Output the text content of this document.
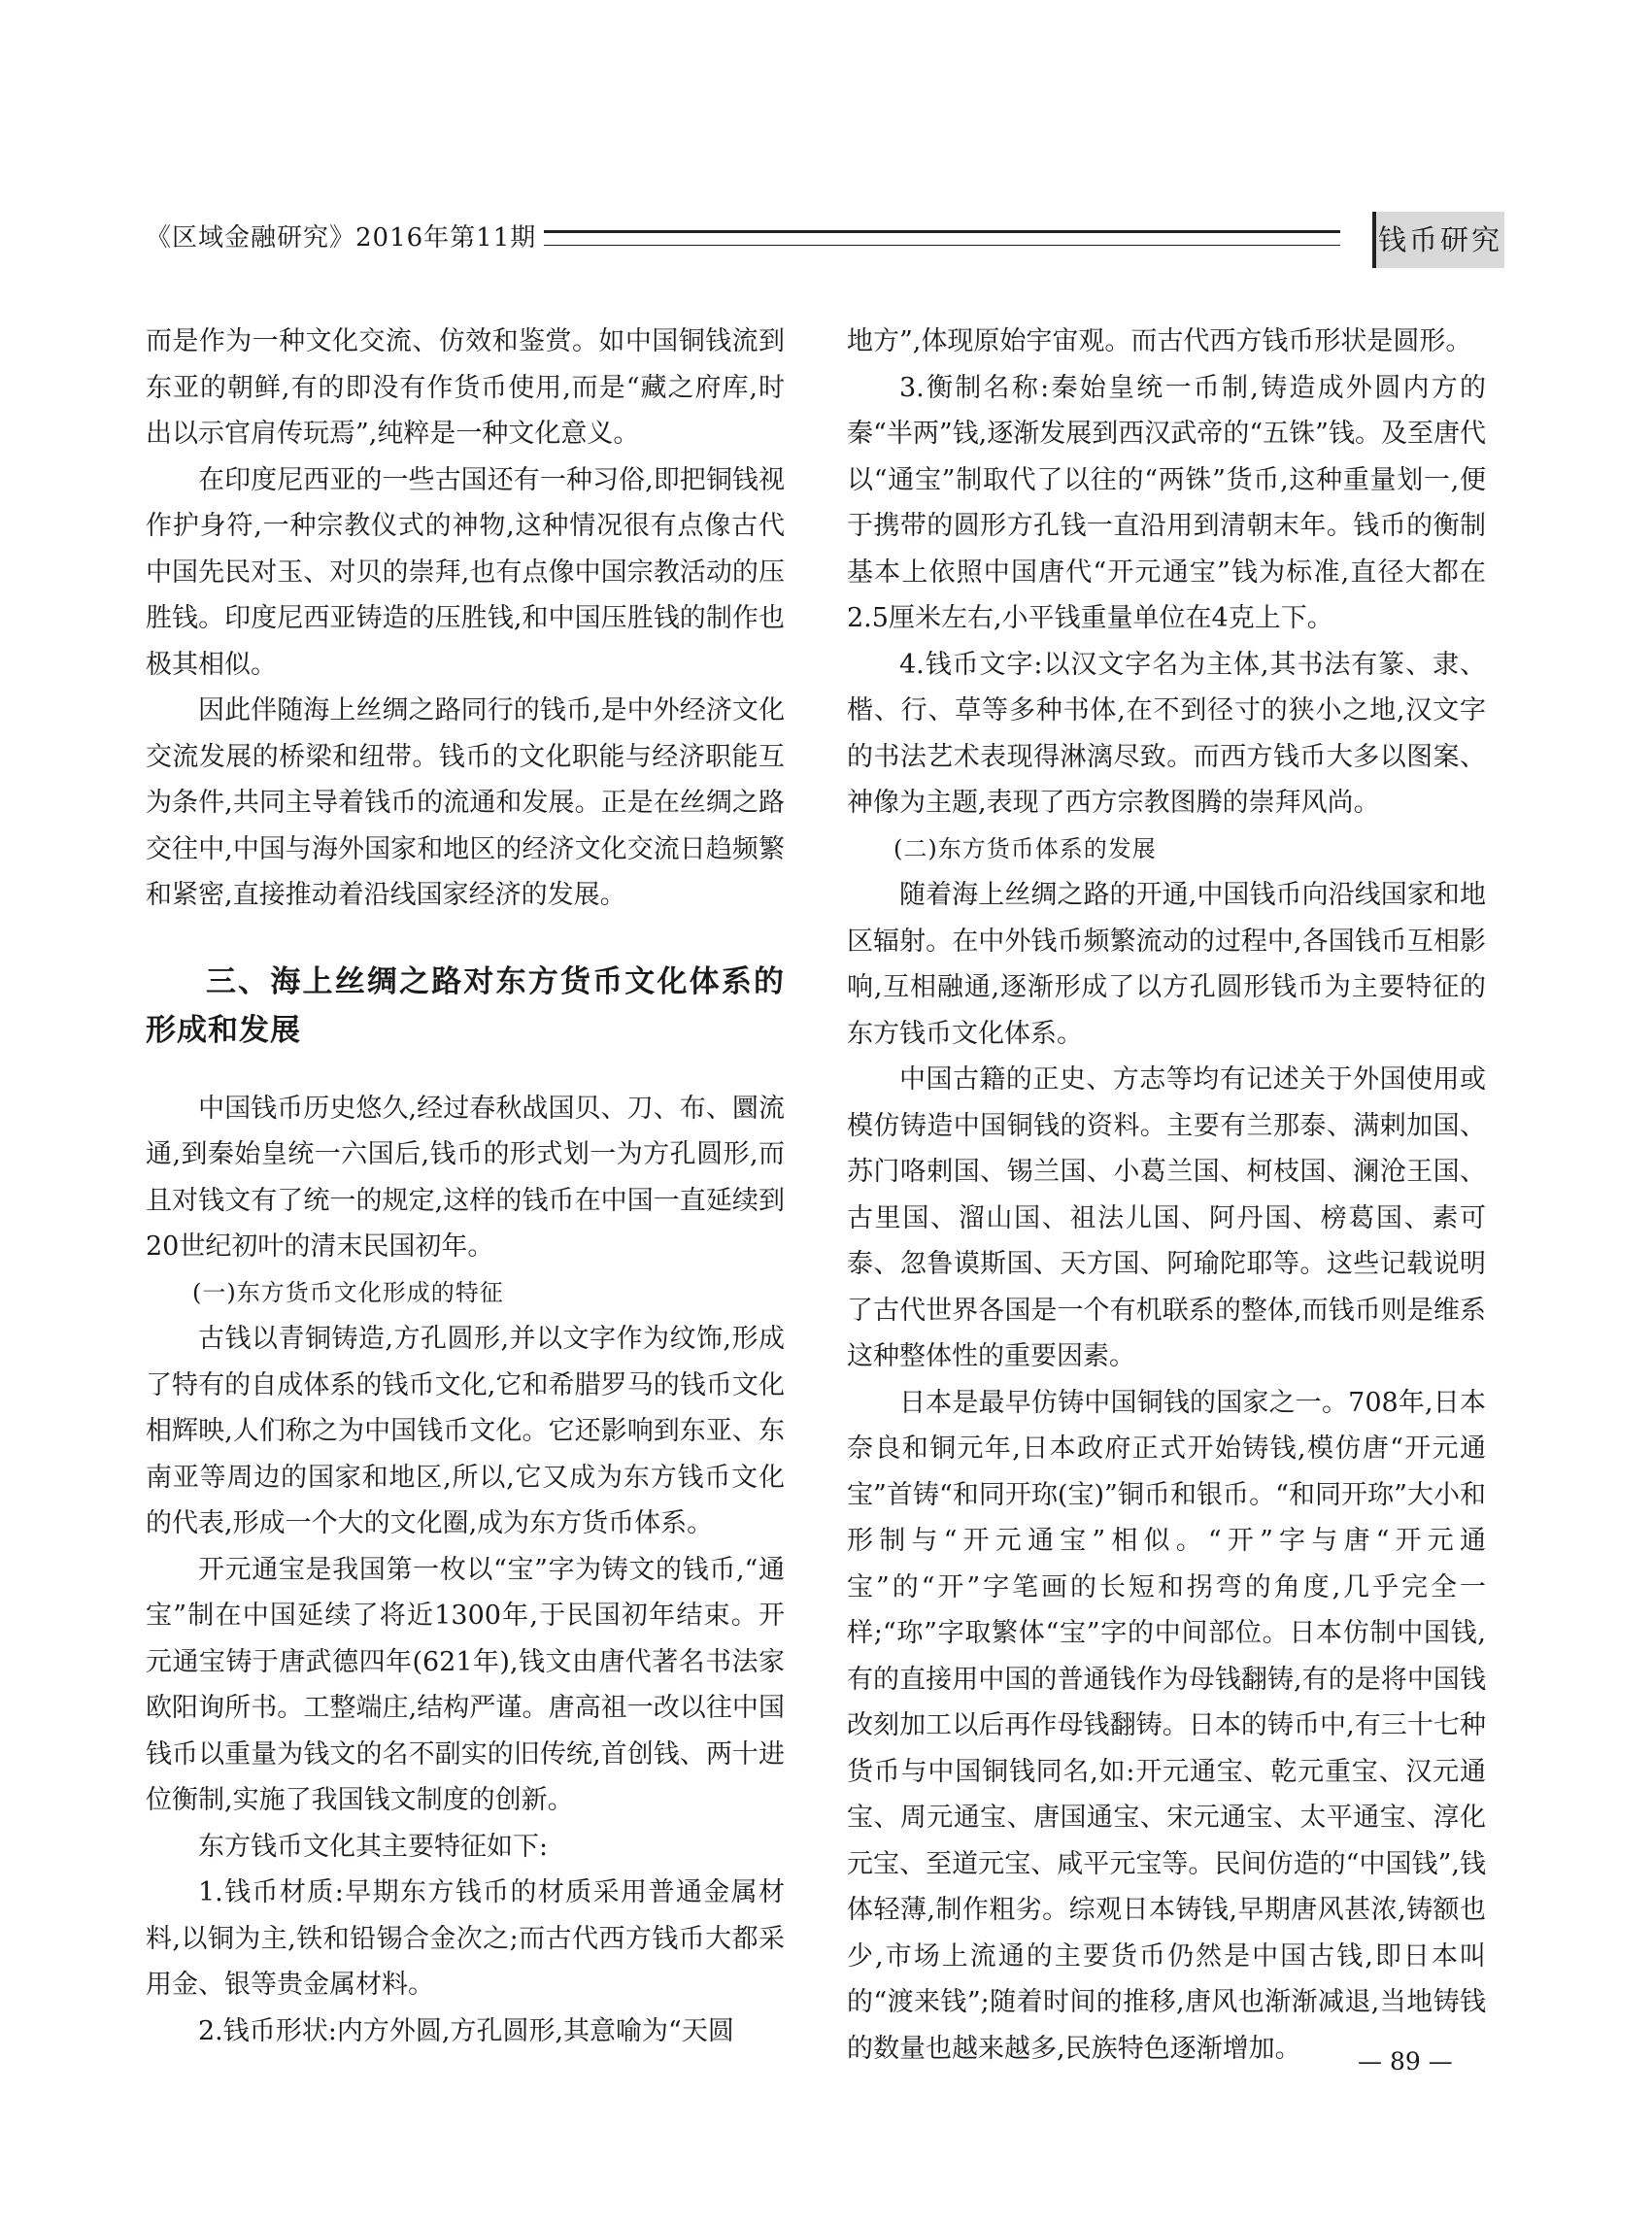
《区域金融研究》2016年第11期	钱币研究

而是作为一种文化交流、仿效和鉴赏。如中国铜钱流到东亚的朝鲜,有的即没有作货币使用,而是“藏之府库,时出以示官肩传玩焉”,纯粹是一种文化意义。

在印度尼西亚的一些古国还有一种习俗,即把铜钱视作护身符,一种宗教仪式的神物,这种情况很有点像古代中国先民对玉、对贝的崇拜,也有点像中国宗教活动的压胜钱。印度尼西亚铸造的压胜钱,和中国压胜钱的制作也极其相似。

因此伴随海上丝绸之路同行的钱币,是中外经济文化交流发展的桥梁和纽带。钱币的文化职能与经济职能互为条件,共同主导着钱币的流通和发展。正是在丝绸之路交往中,中国与海外国家和地区的经济文化交流日趋频繁和紧密,直接推动着沿线国家经济的发展。

三、海上丝绸之路对东方货币文化体系的形成和发展

中国钱币历史悠久,经过春秋战国贝、刀、布、圜流通,到秦始皇统一六国后,钱币的形式划一为方孔圆形,而且对钱文有了统一的规定,这样的钱币在中国一直延续到20世纪初叶的清末民国初年。

(一)东方货币文化形成的特征

古钱以青铜铸造,方孔圆形,并以文字作为纹饰,形成了特有的自成体系的钱币文化,它和希腊罗马的钱币文化相辉映,人们称之为中国钱币文化。它还影响到东亚、东南亚等周边的国家和地区,所以,它又成为东方钱币文化的代表,形成一个大的文化圈,成为东方货币体系。

开元通宝是我国第一枚以“宝”字为铸文的钱币,“通宝”制在中国延续了将近1300年,于民国初年结束。开元通宝铸于唐武德四年(621年),钱文由唐代著名书法家欧阳询所书。工整端庄,结构严谨。唐高祖一改以往中国钱币以重量为钱文的名不副实的旧传统,首创钱、两十进位衡制,实施了我国钱文制度的创新。

东方钱币文化其主要特征如下:

1.钱币材质:早期东方钱币的材质采用普通金属材料,以铜为主,铁和铅锡合金次之;而古代西方钱币大都采用金、银等贵金属材料。

2.钱币形状:内方外圆,方孔圆形,其意喻为“天圆

地方”,体现原始宇宙观。而古代西方钱币形状是圆形。

3.衡制名称:秦始皇统一币制,铸造成外圆内方的秦“半两”钱,逐渐发展到西汉武帝的“五铢”钱。及至唐代以“通宝”制取代了以往的“两铢”货币,这种重量划一,便于携带的圆形方孔钱一直沿用到清朝末年。钱币的衡制基本上依照中国唐代“开元通宝”钱为标准,直径大都在2.5厘米左右,小平钱重量单位在4克上下。

4.钱币文字:以汉文字名为主体,其书法有篆、隶、楷、行、草等多种书体,在不到径寸的狭小之地,汉文字的书法艺术表现得淋漓尽致。而西方钱币大多以图案、神像为主题,表现了西方宗教图腾的崇拜风尚。

(二)东方货币体系的发展

随着海上丝绸之路的开通,中国钱币向沿线国家和地区辐射。在中外钱币频繁流动的过程中,各国钱币互相影响,互相融通,逐渐形成了以方孔圆形钱币为主要特征的东方钱币文化体系。

中国古籍的正史、方志等均有记述关于外国使用或模仿铸造中国铜钱的资料。主要有兰那泰、满剌加国、苏门咯剌国、锡兰国、小葛兰国、柯枝国、澜沧王国、古里国、溜山国、祖法儿国、阿丹国、榜葛国、素可泰、忽鲁谟斯国、天方国、阿瑜陀耶等。这些记载说明了古代世界各国是一个有机联系的整体,而钱币则是维系这种整体性的重要因素。

日本是最早仿铸中国铜钱的国家之一。708年,日本奈良和铜元年,日本政府正式开始铸钱,模仿唐“开元通宝”首铸“和同开珎(宝)”铜币和银币。“和同开珎”大小和形制与“开元通宝”相似。“开”字与唐“开元通宝”的“开”字笔画的长短和拐弯的角度,几乎完全一样;“珎”字取繁体“宝”字的中间部位。日本仿制中国钱,有的直接用中国的普通钱作为母钱翻铸,有的是将中国钱改刻加工以后再作母钱翻铸。日本的铸币中,有三十七种货币与中国铜钱同名,如:开元通宝、乾元重宝、汉元通宝、周元通宝、唐国通宝、宋元通宝、太平通宝、淳化元宝、至道元宝、咸平元宝等。民间仿造的“中国钱”,钱体轻薄,制作粗劣。综观日本铸钱,早期唐风甚浓,铸额也少,市场上流通的主要货币仍然是中国古钱,即日本叫的“渡来钱”;随着时间的推移,唐风也渐渐减退,当地铸钱的数量也越来越多,民族特色逐渐增加。	— 89 —
